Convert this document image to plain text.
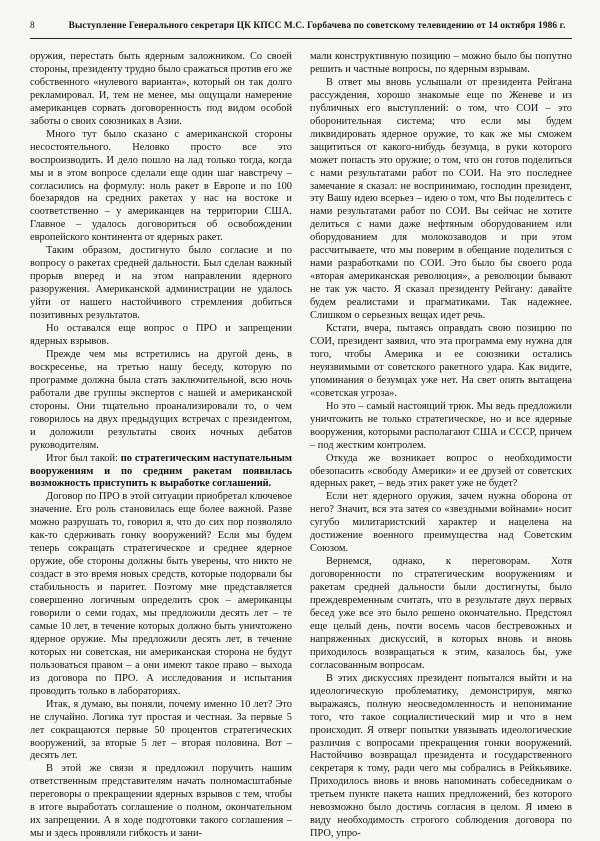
8	Выступление Генерального секретаря ЦК КПСС М.С. Горбачева по советскому телевидению от 14 октября 1986 г.

оружия, перестать быть ядерным заложником. Со своей стороны, президенту трудно было сражаться против его же собственного «нулевого варианта», который он так долго рекламировал. И, тем не менее, мы ощущали намерение американцев сорвать договоренность под видом особой заботы о своих союзниках в Азии.

Много тут было сказано с американской стороны несостоятельного. Неловко просто все это воспроизводить. И дело пошло на лад только тогда, когда мы и в этом вопросе сделали еще один шаг навстречу – согласились на формулу: ноль ракет в Европе и по 100 боезарядов на средних ракетах у нас на востоке и соответственно – у американцев на территории США. Главное – удалось договориться об освобождении европейского континента от ядерных ракет.

Таким образом, достигнуто было согласие и по вопросу о ракетах средней дальности. Был сделан важный прорыв вперед и на этом направлении ядерного разоружения. Американской администрации не удалось уйти от нашего настойчивого стремления добиться позитивных результатов.

Но оставался еще вопрос о ПРО и запрещении ядерных взрывов.

Прежде чем мы встретились на другой день, в воскресенье, на третью нашу беседу, которую по программе должна была стать заключительной, всю ночь работали две группы экспертов с нашей и американской стороны. Они тщательно проанализировали то, о чем говорилось на двух предыдущих встречах с президентом, и доложили результаты своих ночных дебатов руководителям.

Итог был такой: по стратегическим наступательным вооружениям и по средним ракетам появилась возможность приступить к выработке соглашений.

Договор по ПРО в этой ситуации приобретал ключевое значение. Его роль становилась еще более важной. Разве можно разрушать то, говорил я, что до сих пор позволяло как-то сдерживать гонку вооружений? Если мы будем теперь сокращать стратегическое и среднее ядерное оружие, обе стороны должны быть уверены, что никто не создаст в это время новых средств, которые подорвали бы стабильность и паритет. Поэтому мне представляется совершенно логичным определить срок – американцы говорили о семи годах, мы предложили десять лет – те самые 10 лет, в течение которых должно быть уничтожено ядерное оружие. Мы предложили десять лет, в течение которых ни советская, ни американская сторона не будут пользоваться правом – а они имеют такое право – выхода из договора по ПРО. А исследования и испытания проводить только в лабораториях.

Итак, я думаю, вы поняли, почему именно 10 лет? Это не случайно. Логика тут простая и честная. За первые 5 лет сокращаются первые 50 процентов стратегических вооружений, за вторые 5 лет – вторая половина. Вот – десять лет.

В этой же связи я предложил поручить нашим ответственным представителям начать полномасштабные переговоры о прекращении ядерных взрывов с тем, чтобы в итоге выработать соглашение о полном, окончательном их запрещении. А в ходе подготовки такого соглашения – мы и здесь проявляли гибкость и зани-

мали конструктивную позицию – можно было бы попутно решить и частные вопросы, по ядерным взрывам.

В ответ мы вновь услышали от президента Рейгана рассуждения, хорошо знакомые еще по Женеве и из публичных его выступлений: о том, что СОИ – это оборонительная система; что если мы будем ликвидировать ядерное оружие, то как же мы сможем защититься от какого-нибудь безумца, в руки которого может попасть это оружие; о том, что он готов поделиться с нами результатами работ по СОИ. На это последнее замечание я сказал: не воспринимаю, господин президент, эту Вашу идею всерьез – идею о том, что Вы поделитесь с нами результатами работ по СОИ. Вы сейчас не хотите делиться с нами даже нефтяным оборудованием или оборудованием для молокозаводов и при этом рассчитываете, что мы поверим в обещание поделиться с нами разработками по СОИ. Это было бы своего рода «вторая американская революция», а революции бывают не так уж часто. Я сказал президенту Рейгану: давайте будем реалистами и прагматиками. Так надежнее. Слишком о серьезных вещах идет речь.

Кстати, вчера, пытаясь оправдать свою позицию по СОИ, президент заявил, что эта программа ему нужна для того, чтобы Америка и ее союзники остались неуязвимыми от советского ракетного удара. Как видите, упоминания о безумцах уже нет. На свет опять вытащена «советская угроза».

Но это – самый настоящий трюк. Мы ведь предложили уничтожить не только стратегическое, но и все ядерные вооружения, которыми располагают США и СССР, причем – под жестким контролем.

Откуда же возникает вопрос о необходимости обезопасить «свободу Америки» и ее друзей от советских ядерных ракет, – ведь этих ракет уже не будет?

Если нет ядерного оружия, зачем нужна оборона от него? Значит, вся эта затея со «звездными войнами» носит сугубо милитаристский характер и нацелена на достижение военного преимущества над Советским Союзом.

Вернемся, однако, к переговорам. Хотя договоренности по стратегическим вооружениям и ракетам средней дальности были достигнуты, было преждевременным считать, что в результате двух первых бесед уже все это было решено окончательно. Предстоял еще целый день, почти восемь часов бестревожных и напряженных дискуссий, в которых вновь и вновь приходилось возвращаться к этим, казалось бы, уже согласованным вопросам.

В этих дискуссиях президент попытался выйти и на идеологическую проблематику, демонстрируя, мягко выражаясь, полную неосведомленность и непонимание того, что такое социалистический мир и что в нем происходит. Я отверг попытки увязывать идеологические различия с вопросами прекращения гонки вооружений. Настойчиво возвращал президента и государственного секретаря к тому, ради чего мы собрались в Рейкьявике. Приходилось вновь и вновь напоминать собеседникам о третьем пункте пакета наших предложений, без которого невозможно было достичь согласия в целом. Я имею в виду необходимость строгого соблюдения договора по ПРО, упро-
